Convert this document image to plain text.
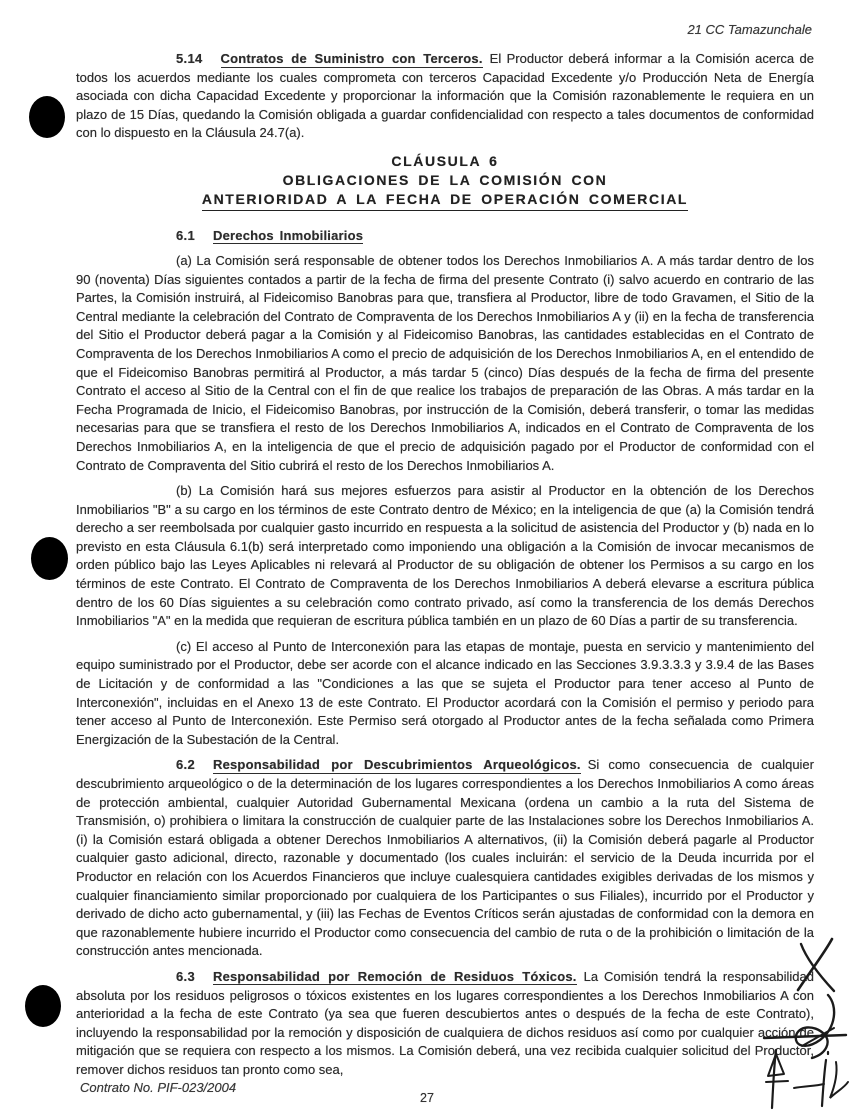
21 CC Tamazunchale

5.14 Contratos de Suministro con Terceros. El Productor deberá informar a la Comisión acerca de todos los acuerdos mediante los cuales comprometa con terceros Capacidad Excedente y/o Producción Neta de Energía asociada con dicha Capacidad Excedente y proporcionar la información que la Comisión razonablemente le requiera en un plazo de 15 Días, quedando la Comisión obligada a guardar confidencialidad con respecto a tales documentos de conformidad con lo dispuesto en la Cláusula 24.7(a).

CLÁUSULA 6
OBLIGACIONES DE LA COMISIÓN CON
ANTERIORIDAD A LA FECHA DE OPERACIÓN COMERCIAL

6.1 Derechos Inmobiliarios

(a) La Comisión será responsable de obtener todos los Derechos Inmobiliarios A. A más tardar dentro de los 90 (noventa) Días siguientes contados a partir de la fecha de firma del presente Contrato (i) salvo acuerdo en contrario de las Partes, la Comisión instruirá, al Fideicomiso Banobras para que, transfiera al Productor, libre de todo Gravamen, el Sitio de la Central mediante la celebración del Contrato de Compraventa de los Derechos Inmobiliarios A y (ii) en la fecha de transferencia del Sitio el Productor deberá pagar a la Comisión y al Fideicomiso Banobras, las cantidades establecidas en el Contrato de Compraventa de los Derechos Inmobiliarios A como el precio de adquisición de los Derechos Inmobiliarios A, en el entendido de que el Fideicomiso Banobras permitirá al Productor, a más tardar 5 (cinco) Días después de la fecha de firma del presente Contrato el acceso al Sitio de la Central con el fin de que realice los trabajos de preparación de las Obras. A más tardar en la Fecha Programada de Inicio, el Fideicomiso Banobras, por instrucción de la Comisión, deberá transferir, o tomar las medidas necesarias para que se transfiera el resto de los Derechos Inmobiliarios A, indicados en el Contrato de Compraventa de los Derechos Inmobiliarios A, en la inteligencia de que el precio de adquisición pagado por el Productor de conformidad con el Contrato de Compraventa del Sitio cubrirá el resto de los Derechos Inmobiliarios A.

(b) La Comisión hará sus mejores esfuerzos para asistir al Productor en la obtención de los Derechos Inmobiliarios "B" a su cargo en los términos de este Contrato dentro de México; en la inteligencia de que (a) la Comisión tendrá derecho a ser reembolsada por cualquier gasto incurrido en respuesta a la solicitud de asistencia del Productor y (b) nada en lo previsto en esta Cláusula 6.1(b) será interpretado como imponiendo una obligación a la Comisión de invocar mecanismos de orden público bajo las Leyes Aplicables ni relevará al Productor de su obligación de obtener los Permisos a su cargo en los términos de este Contrato. El Contrato de Compraventa de los Derechos Inmobiliarios A deberá elevarse a escritura pública dentro de los 60 Días siguientes a su celebración como contrato privado, así como la transferencia de los demás Derechos Inmobiliarios "A" en la medida que requieran de escritura pública también en un plazo de 60 Días a partir de su transferencia.

(c) El acceso al Punto de Interconexión para las etapas de montaje, puesta en servicio y mantenimiento del equipo suministrado por el Productor, debe ser acorde con el alcance indicado en las Secciones 3.9.3.3.3 y 3.9.4 de las Bases de Licitación y de conformidad a las "Condiciones a las que se sujeta el Productor para tener acceso al Punto de Interconexión", incluidas en el Anexo 13 de este Contrato. El Productor acordará con la Comisión el permiso y periodo para tener acceso al Punto de Interconexión. Este Permiso será otorgado al Productor antes de la fecha señalada como Primera Energización de la Subestación de la Central.

6.2 Responsabilidad por Descubrimientos Arqueológicos. Si como consecuencia de cualquier descubrimiento arqueológico o de la determinación de los lugares correspondientes a los Derechos Inmobiliarios A como áreas de protección ambiental, cualquier Autoridad Gubernamental Mexicana (ordena un cambio a la ruta del Sistema de Transmisión, o) prohibiera o limitara la construcción de cualquier parte de las Instalaciones sobre los Derechos Inmobiliarios A. (i) la Comisión estará obligada a obtener Derechos Inmobiliarios A alternativos, (ii) la Comisión deberá pagarle al Productor cualquier gasto adicional, directo, razonable y documentado (los cuales incluirán: el servicio de la Deuda incurrida por el Productor en relación con los Acuerdos Financieros que incluye cualesquiera cantidades exigibles derivadas de los mismos y cualquier financiamiento similar proporcionado por cualquiera de los Participantes o sus Filiales), incurrido por el Productor y derivado de dicho acto gubernamental, y (iii) las Fechas de Eventos Críticos serán ajustadas de conformidad con la demora en que razonablemente hubiere incurrido el Productor como consecuencia del cambio de ruta o de la prohibición o limitación de la construcción antes mencionada.

6.3 Responsabilidad por Remoción de Residuos Tóxicos. La Comisión tendrá la responsabilidad absoluta por los residuos peligrosos o tóxicos existentes en los lugares correspondientes a los Derechos Inmobiliarios A con anterioridad a la fecha de este Contrato (ya sea que fueren descubiertos antes o después de la fecha de este Contrato), incluyendo la responsabilidad por la remoción y disposición de cualquiera de dichos residuos así como por cualquier acción de mitigación que se requiera con respecto a los mismos. La Comisión deberá, una vez recibida cualquier solicitud del Productor, remover dichos residuos tan pronto como sea,

Contrato No. PIF-023/2004
27
